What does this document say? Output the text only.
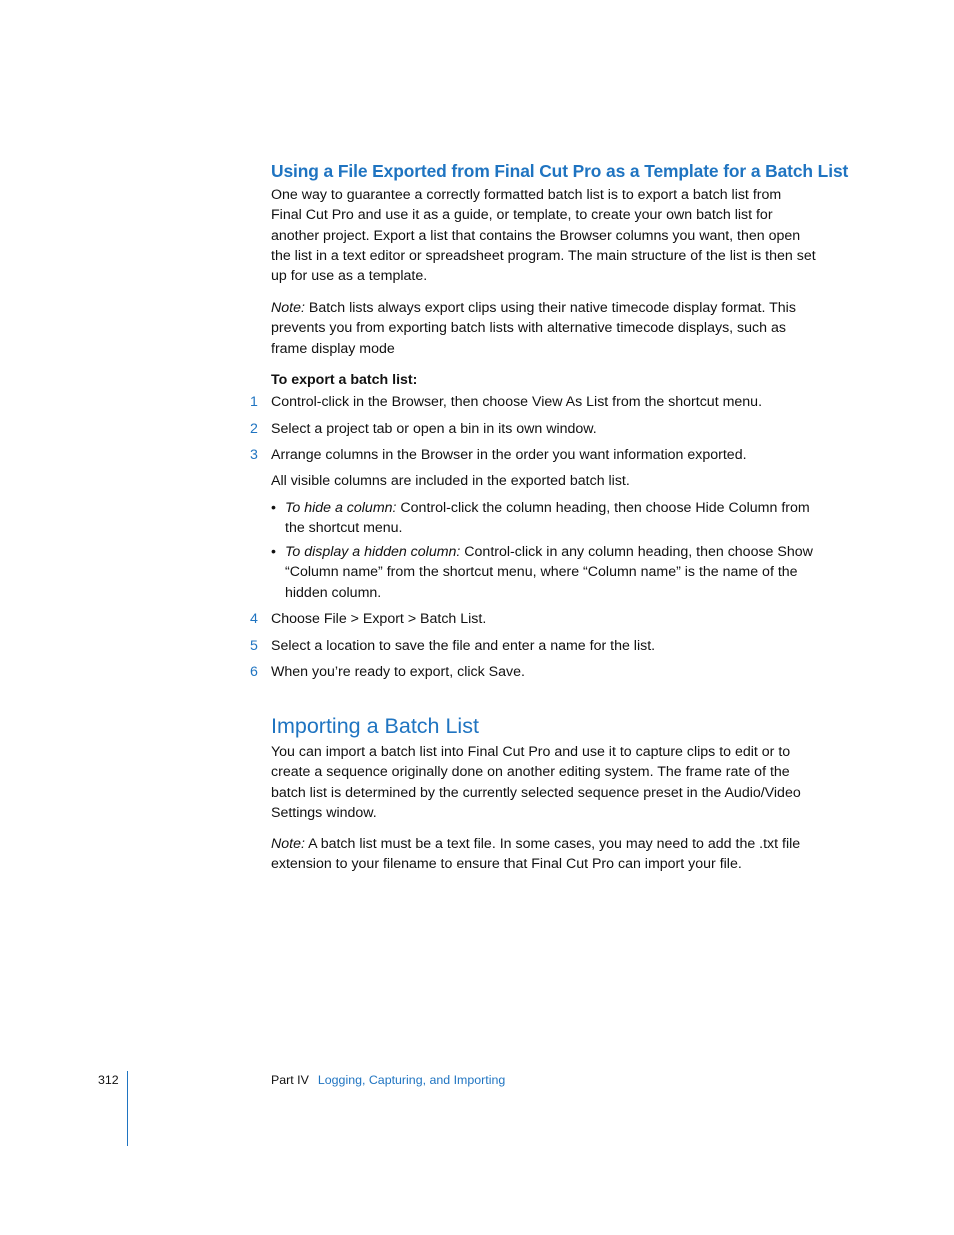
Using a File Exported from Final Cut Pro as a Template for a Batch List

One way to guarantee a correctly formatted batch list is to export a batch list from
Final Cut Pro and use it as a guide, or template, to create your own batch list for
another project. Export a list that contains the Browser columns you want, then open
the list in a text editor or spreadsheet program. The main structure of the list is then set
up for use as a template.

Note: Batch lists always export clips using their native timecode display format. This
prevents you from exporting batch lists with alternative timecode displays, such as
frame display mode

To export a batch list:
1 Control-click in the Browser, then choose View As List from the shortcut menu.
2 Select a project tab or open a bin in its own window.
3 Arrange columns in the Browser in the order you want information exported.
All visible columns are included in the exported batch list.
• To hide a column: Control-click the column heading, then choose Hide Column from
the shortcut menu.
• To display a hidden column: Control-click in any column heading, then choose Show
“Column name” from the shortcut menu, where “Column name” is the name of the
hidden column.
4 Choose File > Export > Batch List.
5 Select a location to save the file and enter a name for the list.
6 When you’re ready to export, click Save.
Importing a Batch List

You can import a batch list into Final Cut Pro and use it to capture clips to edit or to
create a sequence originally done on another editing system. The frame rate of the
batch list is determined by the currently selected sequence preset in the Audio/Video
Settings window.

Note: A batch list must be a text file. In some cases, you may need to add the .txt file
extension to your filename to ensure that Final Cut Pro can import your file.

312	Part IV Logging, Capturing, and Importing
